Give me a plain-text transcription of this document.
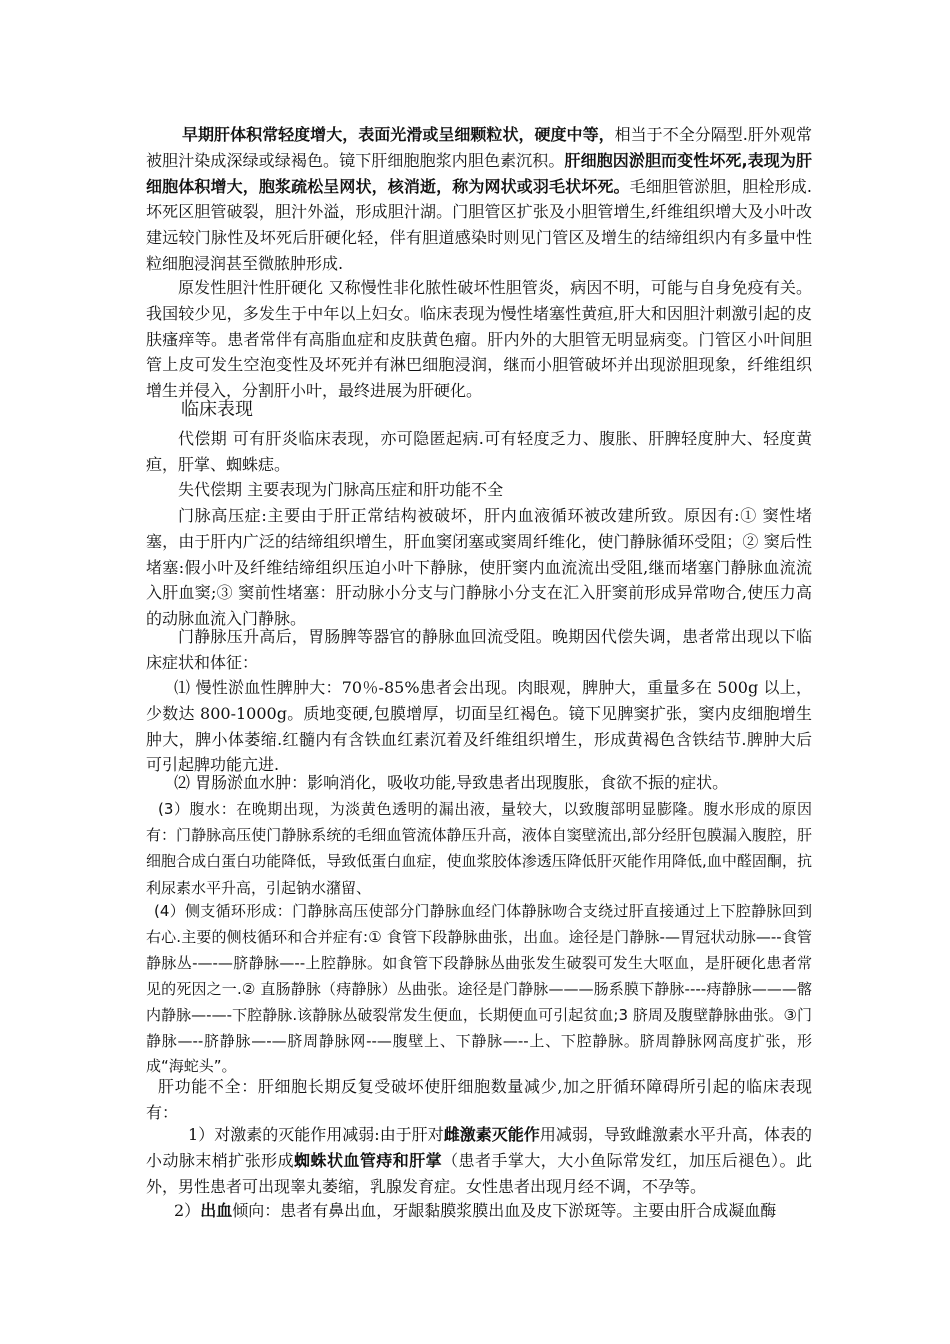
早期肝体积常轻度增大，表面光滑或呈细颗粒状，硬度中等，相当于不全分隔型.肝外观常被胆汁染成深绿或绿褐色。镜下肝细胞胞浆内胆色素沉积。肝细胞因淤胆而变性坏死,表现为肝细胞体积增大，胞浆疏松呈网状，核消逝，称为网状或羽毛状坏死。毛细胆管淤胆，胆栓形成.坏死区胆管破裂，胆汁外溢，形成胆汁湖。门胆管区扩张及小胆管增生,纤维组织增大及小叶改建远较门脉性及坏死后肝硬化轻，伴有胆道感染时则见门管区及增生的结缔组织内有多量中性粒细胞浸润甚至微脓肿形成.
原发性胆汁性肝硬化 又称慢性非化脓性破坏性胆管炎，病因不明，可能与自身免疫有关。我国较少见，多发生于中年以上妇女。临床表现为慢性堵塞性黄疸,肝大和因胆汁刺激引起的皮肤瘙痒等。患者常伴有高脂血症和皮肤黄色瘤。肝内外的大胆管无明显病变。门管区小叶间胆管上皮可发生空泡变性及坏死并有淋巴细胞浸润，继而小胆管破坏并出现淤胆现象，纤维组织增生并侵入，分割肝小叶，最终进展为肝硬化。
临床表现
代偿期 可有肝炎临床表现，亦可隐匿起病.可有轻度乏力、腹胀、肝脾轻度肿大、轻度黄疸，肝掌、蜘蛛痣。
失代偿期 主要表现为门脉高压症和肝功能不全
门脉高压症:主要由于肝正常结构被破坏，肝内血液循环被改建所致。原因有:① 窦性堵塞，由于肝内广泛的结缔组织增生，肝血窦闭塞或窦周纤维化，使门静脉循环受阻；② 窦后性堵塞:假小叶及纤维结缔组织压迫小叶下静脉，使肝窦内血流流出受阻,继而堵塞门静脉血流流入肝血窦;③ 窦前性堵塞：肝动脉小分支与门静脉小分支在汇入肝窦前形成异常吻合,使压力高的动脉血流入门静脉。
门静脉压升高后，胃肠脾等器官的静脉血回流受阻。晚期因代偿失调，患者常出现以下临床症状和体征：
⑴ 慢性淤血性脾肿大：70％-85%患者会出现。肉眼观，脾肿大，重量多在 500g 以上，少数达 800-1000g。质地变硬,包膜增厚，切面呈红褐色。镜下见脾窦扩张，窦内皮细胞增生肿大，脾小体萎缩.红髓内有含铁血红素沉着及纤维组织增生，形成黄褐色含铁结节.脾肿大后可引起脾功能亢进.
⑵ 胃肠淤血水肿：影响消化，吸收功能,导致患者出现腹胀，食欲不振的症状。
(3）腹水：在晚期出现，为淡黄色透明的漏出液，量较大，以致腹部明显膨隆。腹水形成的原因有：门静脉高压使门静脉系统的毛细血管流体静压升高，液体自窦壁流出,部分经肝包膜漏入腹腔，肝细胞合成白蛋白功能降低，导致低蛋白血症，使血浆胶体渗透压降低肝灭能作用降低,血中醛固酮，抗利尿素水平升高，引起钠水潴留、
(4）侧支循环形成：门静脉高压使部分门静脉血经门体静脉吻合支绕过肝直接通过上下腔静脉回到右心.主要的侧枝循环和合并症有:① 食管下段静脉曲张，出血。途径是门静脉-—胃冠状动脉—--食管静脉丛-—-—脐静脉—--上腔静脉。如食管下段静脉丛曲张发生破裂可发生大呕血，是肝硬化患者常见的死因之一.② 直肠静脉（痔静脉）丛曲张。途径是门静脉———肠系膜下静脉----痔静脉———髂内静脉—-—-下腔静脉.该静脉丛破裂常发生便血，长期便血可引起贫血;3 脐周及腹壁静脉曲张。③门静脉—--脐静脉—-—脐周静脉网--—腹壁上、下静脉—--上、下腔静脉。脐周静脉网高度扩张，形成“海蛇头”。
肝功能不全：肝细胞长期反复受破坏使肝细胞数量减少,加之肝循环障碍所引起的临床表现有：
1）对激素的灭能作用减弱:由于肝对雌激素灭能作用减弱，导致雌激素水平升高，体表的小动脉末梢扩张形成蜘蛛状血管痔和肝掌（患者手掌大，大小鱼际常发红，加压后褪色）。此外，男性患者可出现睾丸萎缩，乳腺发育症。女性患者出现月经不调，不孕等。
2）出血倾向：患者有鼻出血，牙龈黏膜浆膜出血及皮下淤斑等。主要由肝合成凝血酶
